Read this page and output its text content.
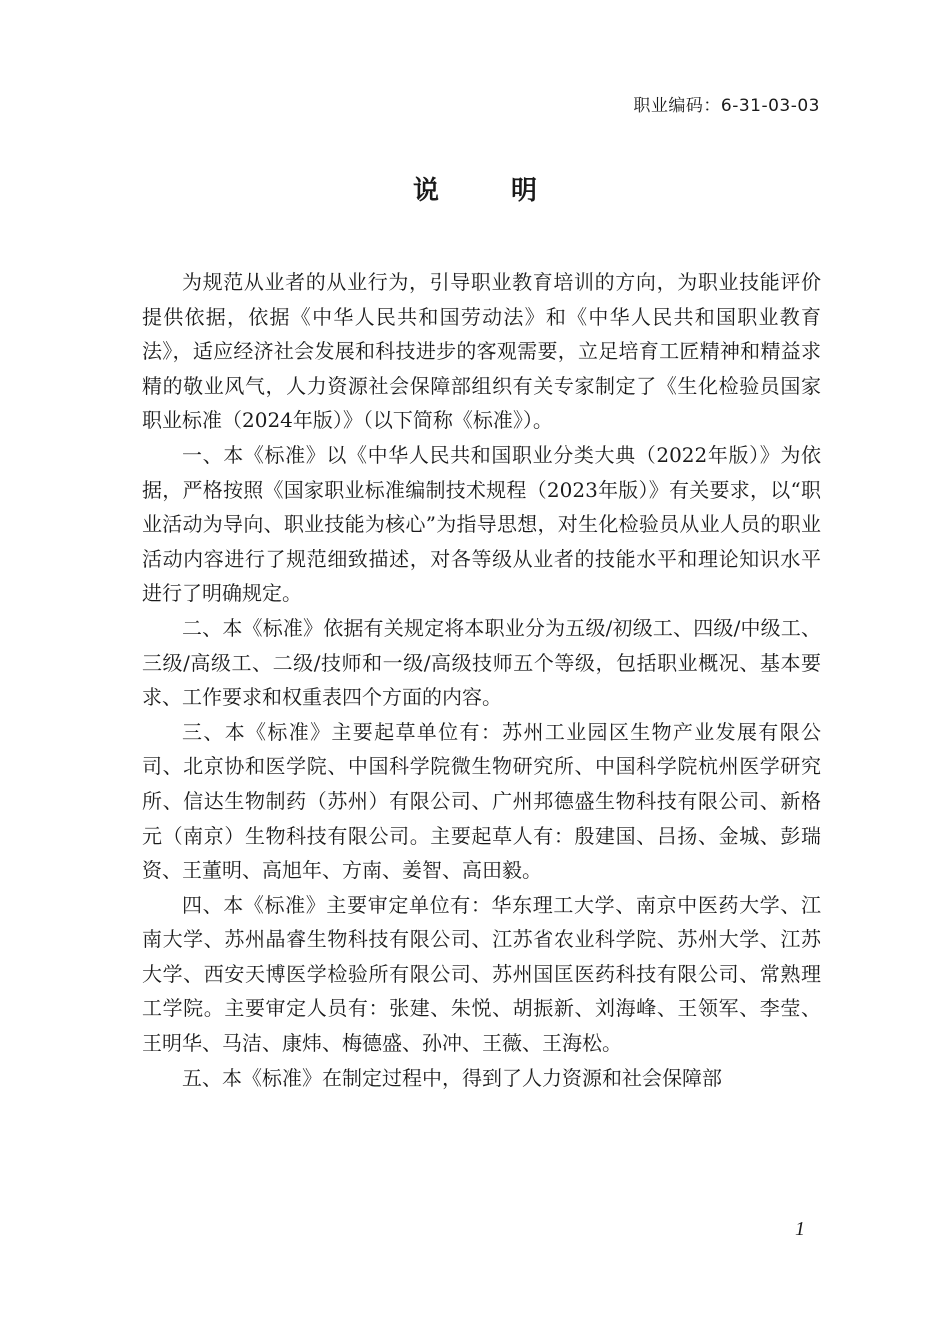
职业编码：6-31-03-03
说明

为规范从业者的从业行为，引导职业教育培训的方向，为职业技能评价提供依据，依据《中华人民共和国劳动法》和《中华人民共和国职业教育法》，适应经济社会发展和科技进步的客观需要，立足培育工匠精神和精益求精的敬业风气，人力资源社会保障部组织有关专家制定了《生化检验员国家职业标准（2024年版）》（以下简称《标准》）。

一、本《标准》以《中华人民共和国职业分类大典（2022年版）》为依据，严格按照《国家职业标准编制技术规程（2023年版）》有关要求，以“职业活动为导向、职业技能为核心”为指导思想，对生化检验员从业人员的职业活动内容进行了规范细致描述，对各等级从业者的技能水平和理论知识水平进行了明确规定。

二、本《标准》依据有关规定将本职业分为五级/初级工、四级/中级工、三级/高级工、二级/技师和一级/高级技师五个等级，包括职业概况、基本要求、工作要求和权重表四个方面的内容。

三、本《标准》主要起草单位有：苏州工业园区生物产业发展有限公司、北京协和医学院、中国科学院微生物研究所、中国科学院杭州医学研究所、信达生物制药（苏州）有限公司、广州邦德盛生物科技有限公司、新格元（南京）生物科技有限公司。主要起草人有：殷建国、吕扬、金城、彭瑞资、王董明、高旭年、方南、姜智、高田毅。

四、本《标准》主要审定单位有：华东理工大学、南京中医药大学、江南大学、苏州晶睿生物科技有限公司、江苏省农业科学院、苏州大学、江苏大学、西安天博医学检验所有限公司、苏州国匡医药科技有限公司、常熟理工学院。主要审定人员有：张建、朱悦、胡振新、刘海峰、王领军、李莹、王明华、马洁、康炜、梅德盛、孙冲、王薇、王海松。

五、本《标准》在制定过程中，得到了人力资源和社会保障部

1
